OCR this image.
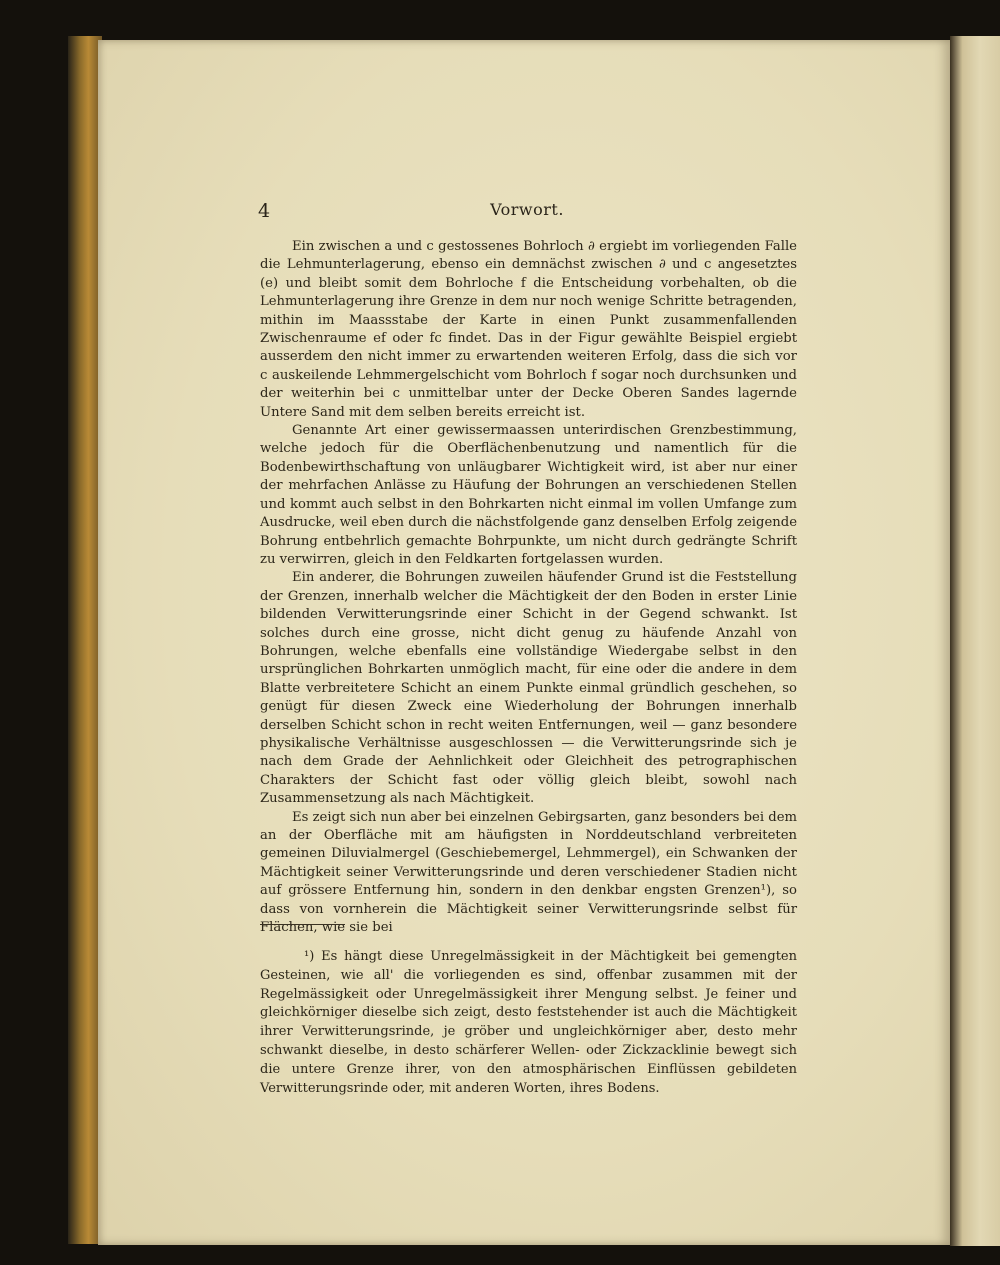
4	Vorwort.

Ein zwischen a und c gestossenes Bohrloch ∂ ergiebt im vorliegenden Falle die Lehmunterlagerung, ebenso ein demnächst zwischen ∂ und c angesetztes (e) und bleibt somit dem Bohrloche f die Entscheidung vorbehalten, ob die Lehmunterlagerung ihre Grenze in dem nur noch wenige Schritte betragenden, mithin im Maassstabe der Karte in einen Punkt zusammenfallenden Zwischenraume ef oder fc findet. Das in der Figur gewählte Beispiel ergiebt ausserdem den nicht immer zu erwartenden weiteren Erfolg, dass die sich vor c auskeilende Lehmmergelschicht vom Bohrloch f sogar noch durchsunken und der weiterhin bei c unmittelbar unter der Decke Oberen Sandes lagernde Untere Sand mit dem selben bereits erreicht ist.

Genannte Art einer gewissermaassen unterirdischen Grenzbestimmung, welche jedoch für die Oberflächenbenutzung und namentlich für die Bodenbewirthschaftung von unläugbarer Wichtigkeit wird, ist aber nur einer der mehrfachen Anlässe zu Häufung der Bohrungen an verschiedenen Stellen und kommt auch selbst in den Bohrkarten nicht einmal im vollen Umfange zum Ausdrucke, weil eben durch die nächstfolgende ganz denselben Erfolg zeigende Bohrung entbehrlich gemachte Bohrpunkte, um nicht durch gedrängte Schrift zu verwirren, gleich in den Feldkarten fortgelassen wurden.

Ein anderer, die Bohrungen zuweilen häufender Grund ist die Feststellung der Grenzen, innerhalb welcher die Mächtigkeit der den Boden in erster Linie bildenden Verwitterungsrinde einer Schicht in der Gegend schwankt. Ist solches durch eine grosse, nicht dicht genug zu häufende Anzahl von Bohrungen, welche ebenfalls eine vollständige Wiedergabe selbst in den ursprünglichen Bohrkarten unmöglich macht, für eine oder die andere in dem Blatte verbreitetere Schicht an einem Punkte einmal gründlich geschehen, so genügt für diesen Zweck eine Wiederholung der Bohrungen innerhalb derselben Schicht schon in recht weiten Entfernungen, weil — ganz besondere physikalische Verhältnisse ausgeschlossen — die Verwitterungsrinde sich je nach dem Grade der Aehnlichkeit oder Gleichheit des petrographischen Charakters der Schicht fast oder völlig gleich bleibt, sowohl nach Zusammensetzung als nach Mächtigkeit.

Es zeigt sich nun aber bei einzelnen Gebirgsarten, ganz besonders bei dem an der Oberfläche mit am häufigsten in Norddeutschland verbreiteten gemeinen Diluvialmergel (Geschiebemergel, Lehmmergel), ein Schwanken der Mächtigkeit seiner Verwitterungsrinde und deren verschiedener Stadien nicht auf grössere Entfernung hin, sondern in den denkbar engsten Grenzen¹), so dass von vornherein die Mächtigkeit seiner Verwitterungsrinde selbst für Flächen, wie sie bei

¹) Es hängt diese Unregelmässigkeit in der Mächtigkeit bei gemengten Gesteinen, wie all' die vorliegenden es sind, offenbar zusammen mit der Regelmässigkeit oder Unregelmässigkeit ihrer Mengung selbst. Je feiner und gleichkörniger dieselbe sich zeigt, desto feststehender ist auch die Mächtigkeit ihrer Verwitterungsrinde, je gröber und ungleichkörniger aber, desto mehr schwankt dieselbe, in desto schärferer Wellen- oder Zickzacklinie bewegt sich die untere Grenze ihrer, von den atmosphärischen Einflüssen gebildeten Verwitterungsrinde oder, mit anderen Worten, ihres Bodens.
